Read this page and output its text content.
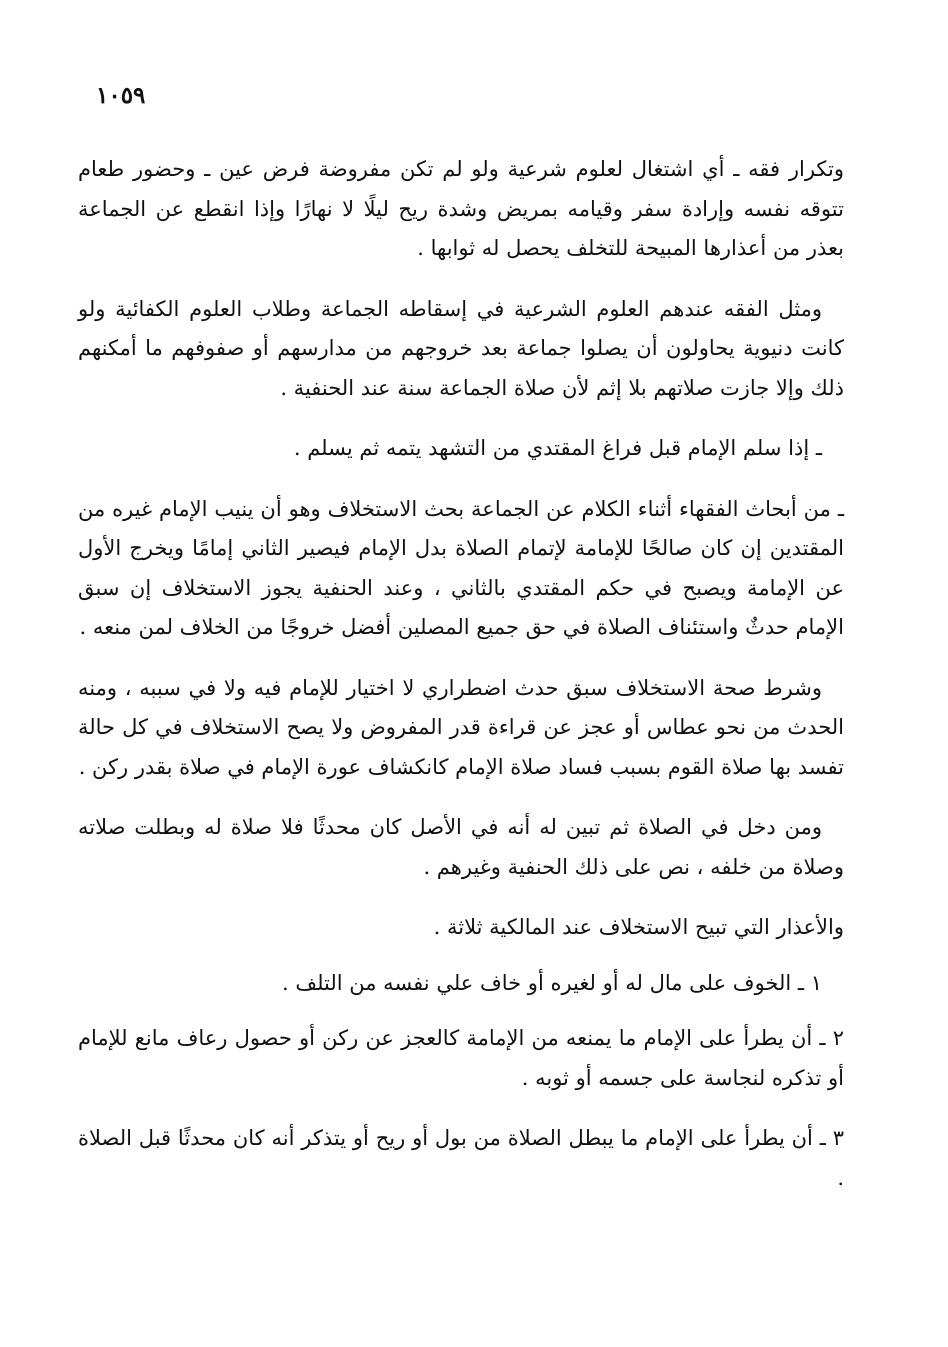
١٠٥٩

وتكرار فقه ـ أي اشتغال لعلوم شرعية ولو لم تكن مفروضة فرض عين ـ وحضور طعام تتوقه نفسه وإرادة سفر وقيامه بمريض وشدة ريح ليلًا لا نهارًا وإذا انقطع عن الجماعة بعذر من أعذارها المبيحة للتخلف يحصل له ثوابها .

ومثل الفقه عندهم العلوم الشرعية في إسقاطه الجماعة وطلاب العلوم الكفائية ولو كانت دنيوية يحاولون أن يصلوا جماعة بعد خروجهم من مدارسهم أو صفوفهم ما أمكنهم ذلك وإلا جازت صلاتهم بلا إثم لأن صلاة الجماعة سنة عند الحنفية .

ـ إذا سلم الإمام قبل فراغ المقتدي من التشهد يتمه ثم يسلم .

ـ من أبحاث الفقهاء أثناء الكلام عن الجماعة بحث الاستخلاف وهو أن ينيب الإمام غيره من المقتدين إن كان صالحًا للإمامة لإتمام الصلاة بدل الإمام فيصير الثاني إمامًا ويخرج الأول عن الإمامة ويصبح في حكم المقتدي بالثاني ، وعند الحنفية يجوز الاستخلاف إن سبق الإمام حدثٌ واستئناف الصلاة في حق جميع المصلين أفضل خروجًا من الخلاف لمن منعه .

وشرط صحة الاستخلاف سبق حدث اضطراري لا اختيار للإمام فيه ولا في سببه ، ومنه الحدث من نحو عطاس أو عجز عن قراءة قدر المفروض ولا يصح الاستخلاف في كل حالة تفسد بها صلاة القوم بسبب فساد صلاة الإمام كانكشاف عورة الإمام في صلاة بقدر ركن .

ومن دخل في الصلاة ثم تبين له أنه في الأصل كان محدثًا فلا صلاة له وبطلت صلاته وصلاة من خلفه ، نص على ذلك الحنفية وغيرهم .

والأعذار التي تبيح الاستخلاف عند المالكية ثلاثة .

١ ـ الخوف على مال له أو لغيره أو خاف علي نفسه من التلف .

٢ ـ أن يطرأ على الإمام ما يمنعه من الإمامة كالعجز عن ركن أو حصول رعاف مانع للإمام أو تذكره لنجاسة على جسمه أو ثوبه .

٣ ـ أن يطرأ على الإمام ما يبطل الصلاة من بول أو ريح أو يتذكر أنه كان محدثًا قبل الصلاة .
